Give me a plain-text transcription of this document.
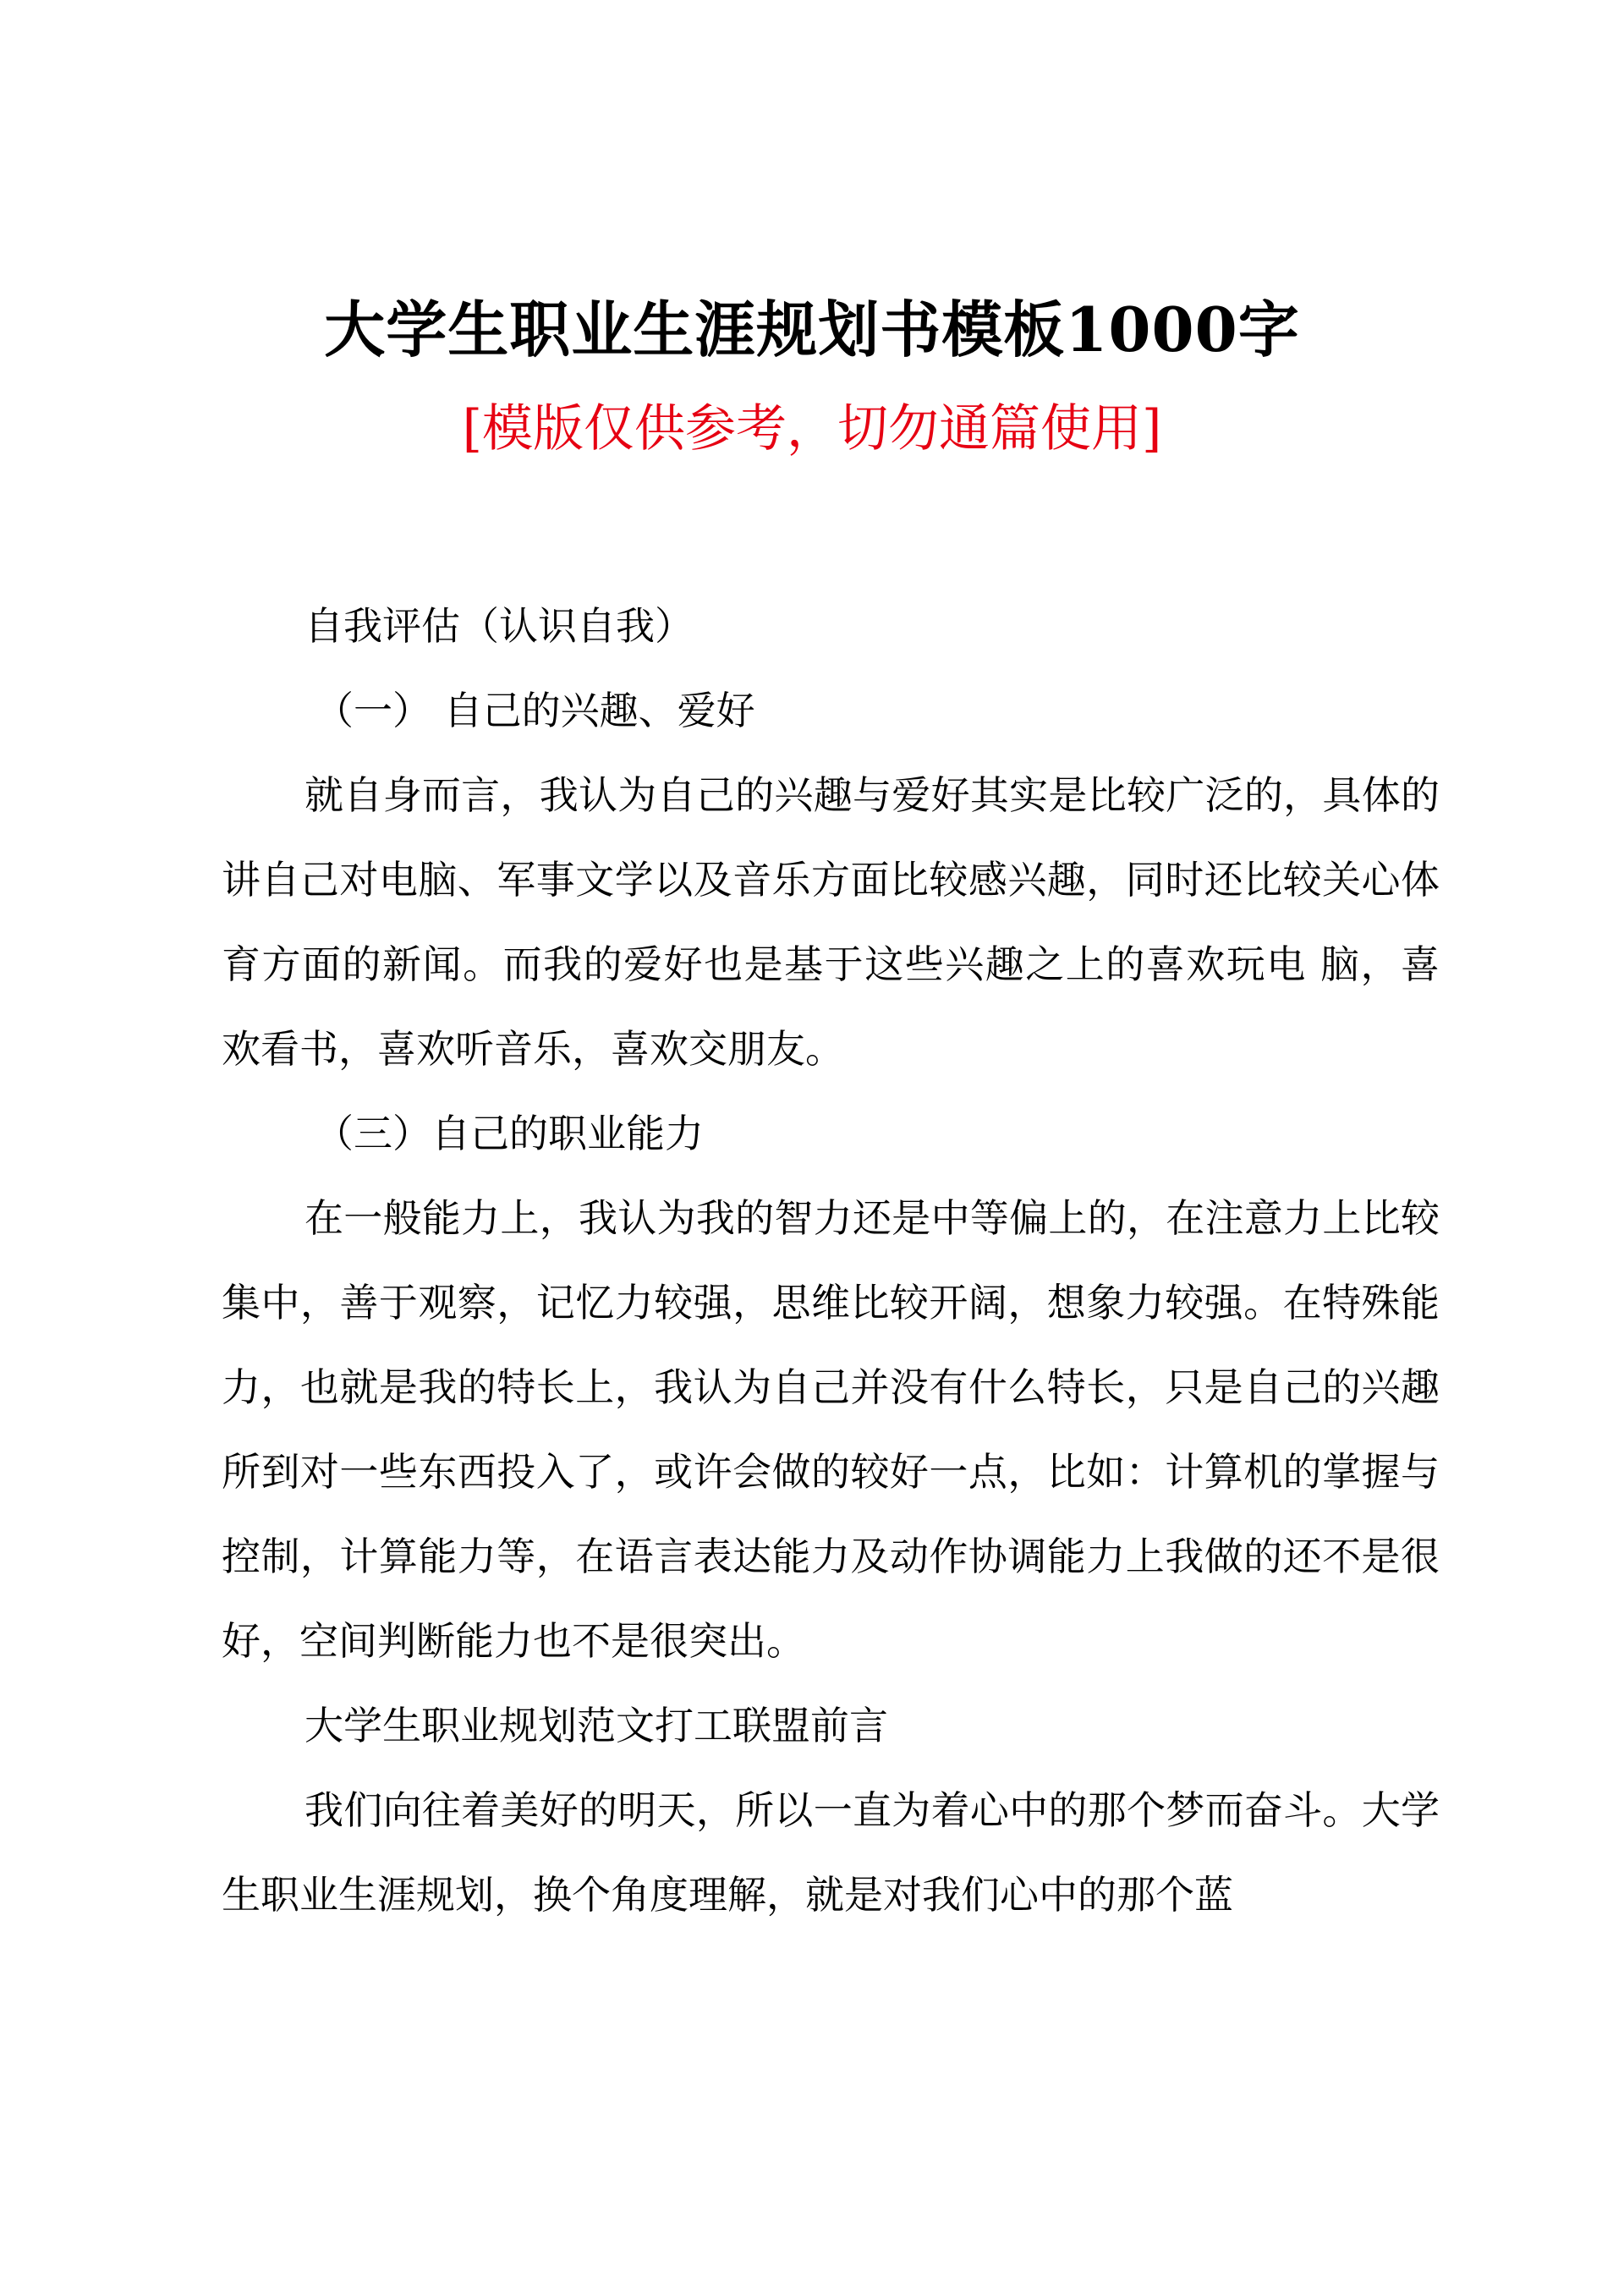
大学生职业生涯规划书模板1000字
[模版仅供参考，切勿通篇使用]

自我评估（认识自我）

（一） 自己的兴趣、爱好

就自身而言，我认为自己的兴趣与爱好其实是比较广泛的，具体的讲自己对电脑、军事文学以及音乐方面比较感兴趣，同时还比较关心体育方面的新闻。而我的爱好也是基于这些兴趣之上的喜欢玩电 脑，喜欢看书，喜欢听音乐，喜欢交朋友。

（三）自己的职业能力

在一般能力上，我认为我的智力还是中等偏上的，在注意力上比较集中，善于观察，记忆力较强，思维比较开阔，想象力较强。在特殊能力，也就是我的特长上，我认为自己并没有什么特长，只是自己的兴趣所到对一些东西投入了，或许会做的较好一点，比如：计算机的掌握与控制，计算能力等，在语言表达能力及动作协调能力上我做的还不是很好，空间判断能力也不是很突出。

大学生职业规划范文打工联盟前言

我们向往着美好的明天，所以一直为着心中的那个梦而奋斗。大学生职业生涯规划，换个角度理解，就是对我们心中的那个蓝
